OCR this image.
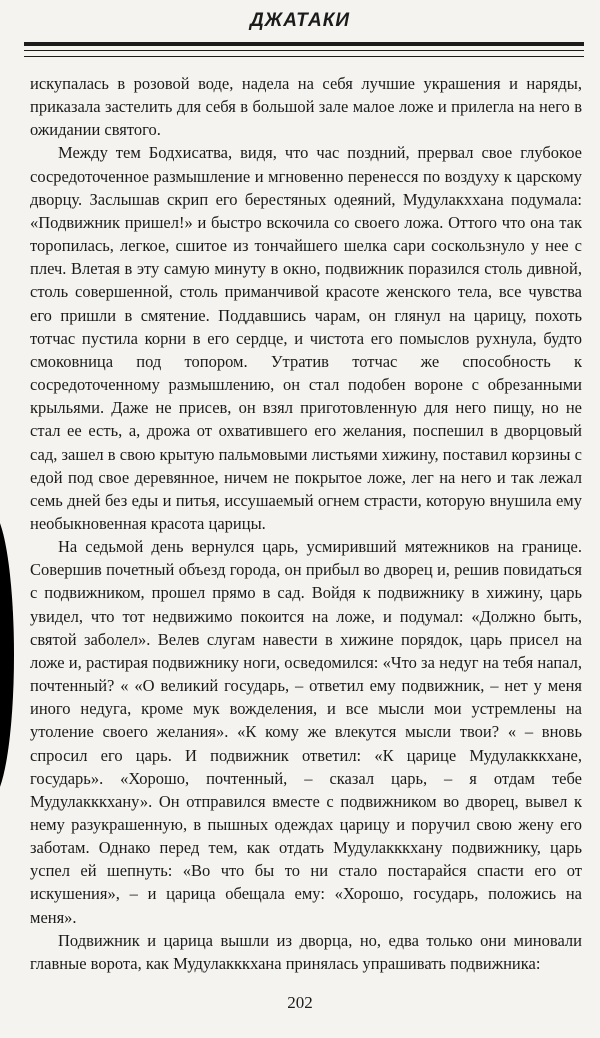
ДЖАТАКИ

искупалась в розовой воде, надела на себя лучшие украшения и наряды, приказала застелить для себя в большой зале малое ложе и прилегла на него в ожидании святого.

Между тем Бодхисатва, видя, что час поздний, прервал свое глубокое сосредоточенное размышление и мгновенно перенесся по воздуху к царскому дворцу. Заслышав скрип его берестяных одеяний, Мудулакххана подумала: «Подвижник пришел!» и быстро вскочила со своего ложа. Оттого что она так торопилась, легкое, сшитое из тончайшего шелка сари соскользнуло у нее с плеч. Влетая в эту самую минуту в окно, подвижник поразился столь дивной, столь совершенной, столь приманчивой красоте женского тела, все чувства его пришли в смятение. Поддавшись чарам, он глянул на царицу, похоть тотчас пустила корни в его сердце, и чистота его помыслов рухнула, будто смоковница под топором. Утратив тотчас же способность к сосредоточенному размышлению, он стал подобен вороне с обрезанными крыльями. Даже не присев, он взял приготовленную для него пищу, но не стал ее есть, а, дрожа от охватившего его желания, поспешил в дворцовый сад, зашел в свою крытую пальмовыми листьями хижину, поставил корзины с едой под свое деревянное, ничем не покрытое ложе, лег на него и так лежал семь дней без еды и питья, иссушаемый огнем страсти, которую внушила ему необыкновенная красота царицы.

На седьмой день вернулся царь, усмиривший мятежников на границе. Совершив почетный объезд города, он прибыл во дворец и, решив повидаться с подвижником, прошел прямо в сад. Войдя к подвижнику в хижину, царь увидел, что тот недвижимо покоится на ложе, и подумал: «Должно быть, святой заболел». Велев слугам навести в хижине порядок, царь присел на ложе и, растирая подвижнику ноги, осведомился: «Что за недуг на тебя напал, почтенный? « «О великий государь, – ответил ему подвижник, – нет у меня иного недуга, кроме мук вожделения, и все мысли мои устремлены на утоление своего желания». «К кому же влекутся мысли твои? « – вновь спросил его царь. И подвижник ответил: «К царице Мудулакккхане, государь». «Хорошо, почтенный, – сказал царь, – я отдам тебе Мудулакккхану». Он отправился вместе с подвижником во дворец, вывел к нему разукрашенную, в пышных одеждах царицу и поручил свою жену его заботам. Однако перед тем, как отдать Мудулакккхану подвижнику, царь успел ей шепнуть: «Во что бы то ни стало постарайся спасти его от искушения», – и царица обещала ему: «Хорошо, государь, положись на меня».

Подвижник и царица вышли из дворца, но, едва только они миновали главные ворота, как Мудулакккхана принялась упрашивать подвижника:

202
